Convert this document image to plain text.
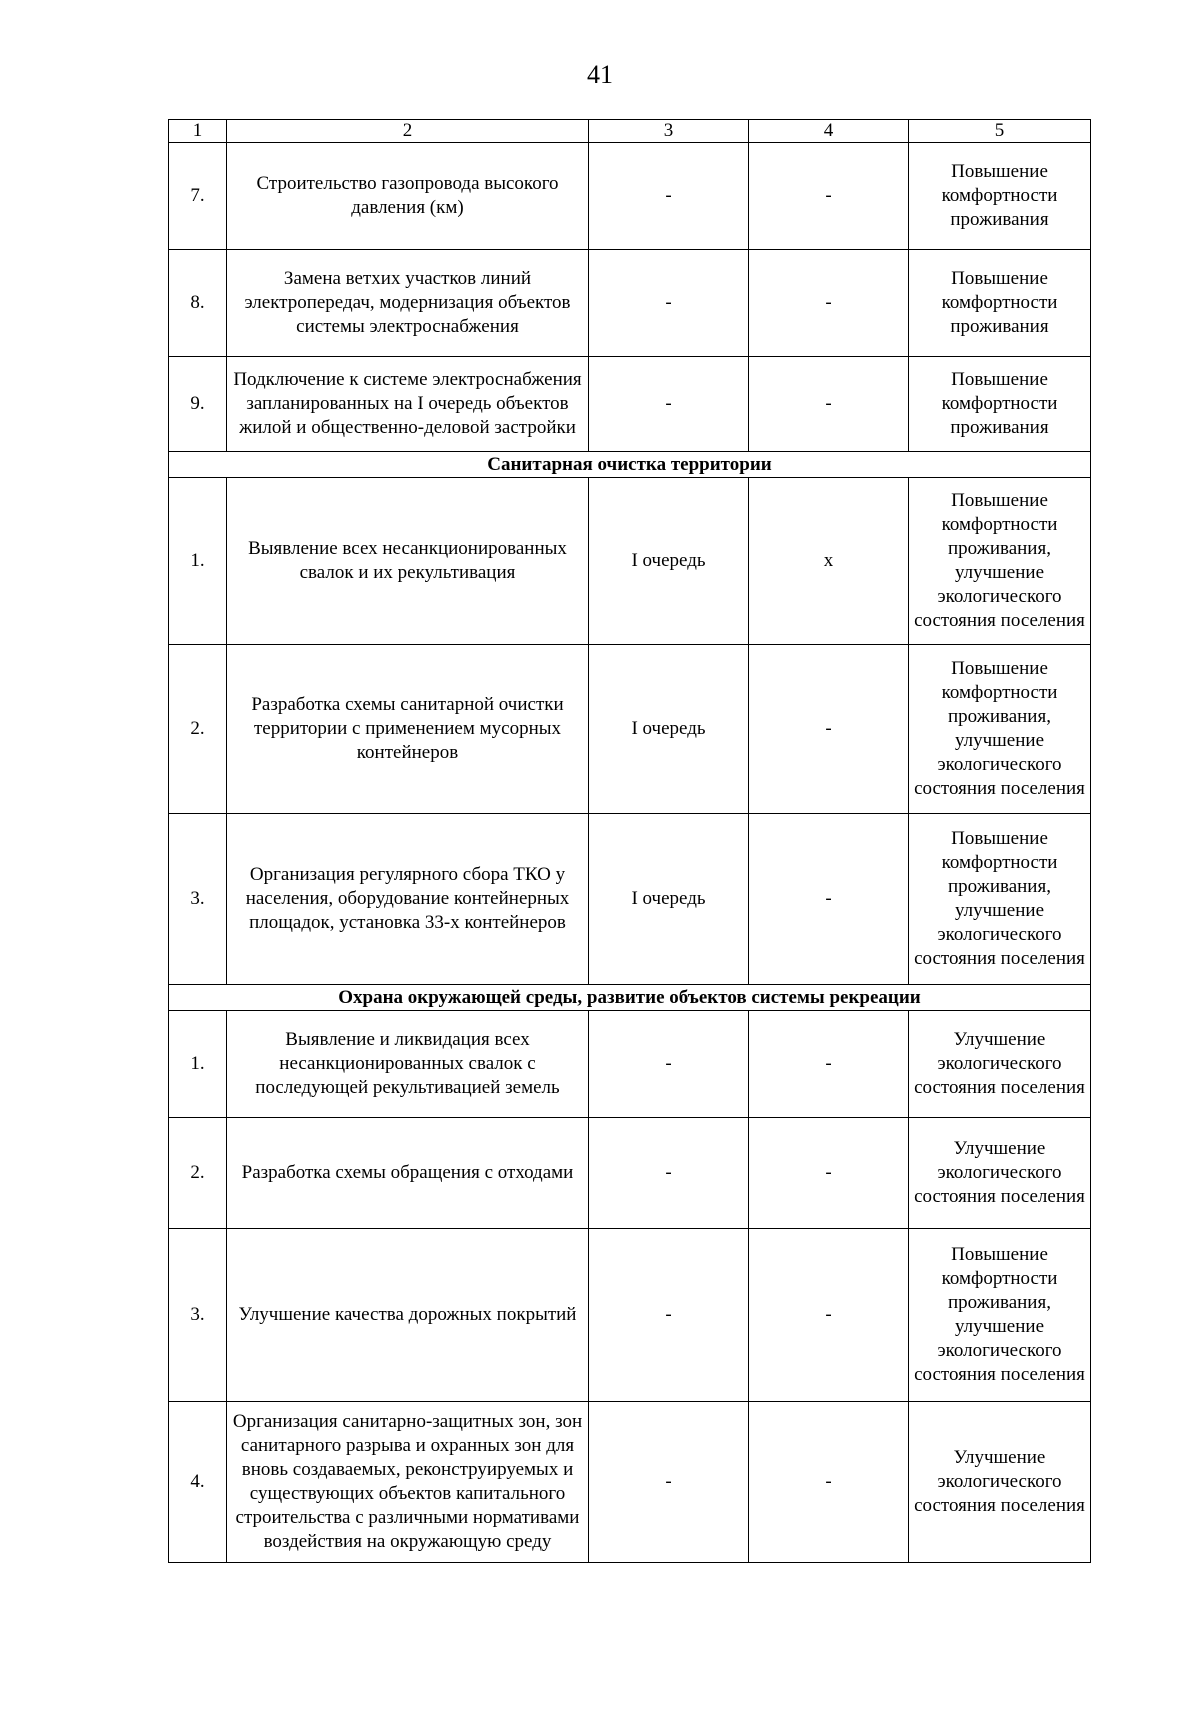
41
1	2	3	4	5
7.	Строительство газопровода высокого давления (км)	-	-	Повышение комфортности проживания
8.	Замена ветхих участков линий электропередач, модернизация объектов системы электроснабжения	-	-	Повышение комфортности проживания
9.	Подключение к системе электроснабжения запланированных на I очередь объектов жилой и общественно-деловой застройки	-	-	Повышение комфортности проживания
Санитарная очистка территории				
1.	Выявление всех несанкционированных свалок и их рекультивация	I очередь	х	Повышение комфортности проживания, улучшение экологического состояния поселения
2.	Разработка схемы санитарной очистки территории с применением мусорных контейнеров	I очередь	-	Повышение комфортности проживания, улучшение экологического состояния поселения
3.	Организация регулярного сбора ТКО у населения, оборудование контейнерных площадок, установка 33-х контейнеров	I очередь	-	Повышение комфортности проживания, улучшение экологического состояния поселения
Охрана окружающей среды, развитие объектов системы рекреации				
1.	Выявление и ликвидация всех несанкционированных свалок с последующей рекультивацией земель	-	-	Улучшение экологического состояния поселения
2.	Разработка схемы обращения с отходами	-	-	Улучшение экологического состояния поселения
3.	Улучшение качества дорожных покрытий	-	-	Повышение комфортности проживания, улучшение экологического состояния поселения
4.	Организация санитарно-защитных зон, зон санитарного разрыва и охранных зон для вновь создаваемых, реконструируемых и существующих объектов капитального строительства с различными нормативами воздействия на окружающую среду	-	-	Улучшение экологического состояния поселения
